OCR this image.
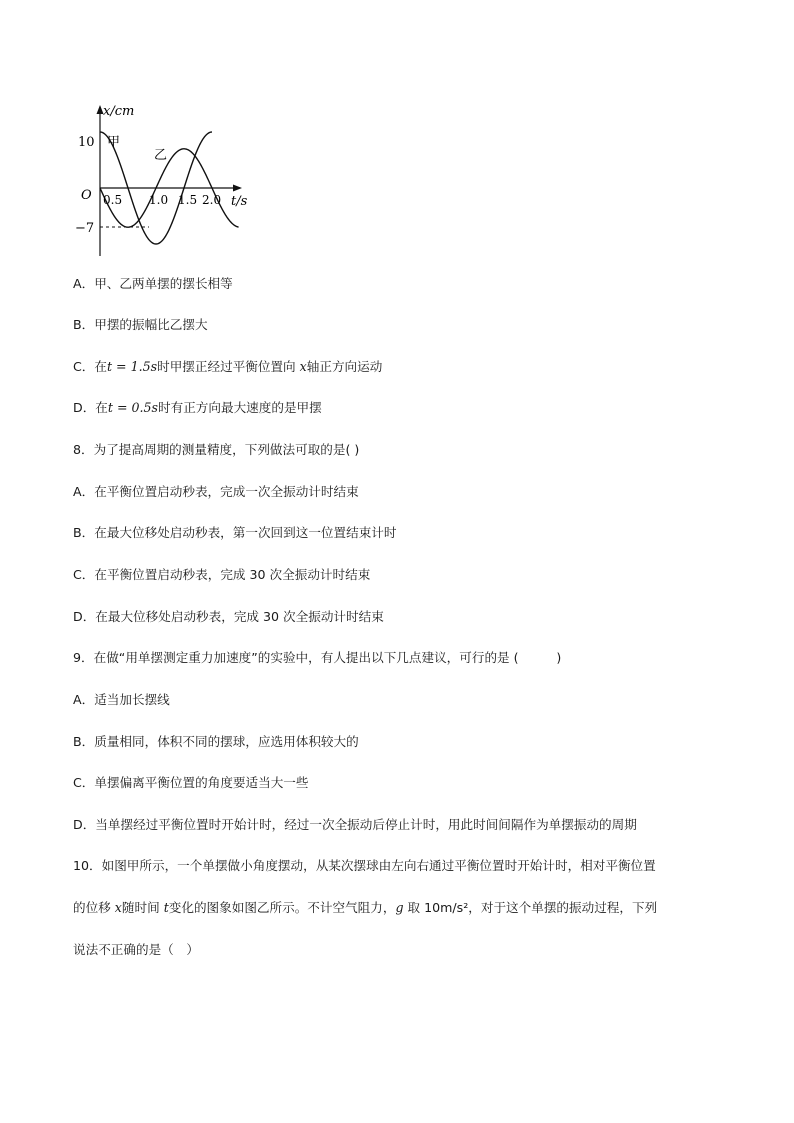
x/cm
t/s
O
10
−7
0.5 1.0 1.5 2.0
甲
乙

A．甲、乙两单摆的摆长相等

B．甲摆的振幅比乙摆大

C．在t = 1.5s时甲摆正经过平衡位置向 x轴正方向运动

D．在t = 0.5s时有正方向最大速度的是甲摆

8．为了提高周期的测量精度，下列做法可取的是( )

A．在平衡位置启动秒表，完成一次全振动计时结束

B．在最大位移处启动秒表，第一次回到这一位置结束计时

C．在平衡位置启动秒表，完成 30 次全振动计时结束

D．在最大位移处启动秒表，完成 30 次全振动计时结束

9．在做“用单摆测定重力加速度”的实验中，有人提出以下几点建议，可行的是 (　　　)

A．适当加长摆线

B．质量相同，体积不同的摆球，应选用体积较大的

C．单摆偏离平衡位置的角度要适当大一些

D．当单摆经过平衡位置时开始计时，经过一次全振动后停止计时，用此时间间隔作为单摆振动的周期

10．如图甲所示，一个单摆做小角度摆动，从某次摆球由左向右通过平衡位置时开始计时，相对平衡位置

的位移 x随时间 t变化的图象如图乙所示。不计空气阻力，g 取 10m/s²，对于这个单摆的振动过程，下列

说法不正确的是（　）
